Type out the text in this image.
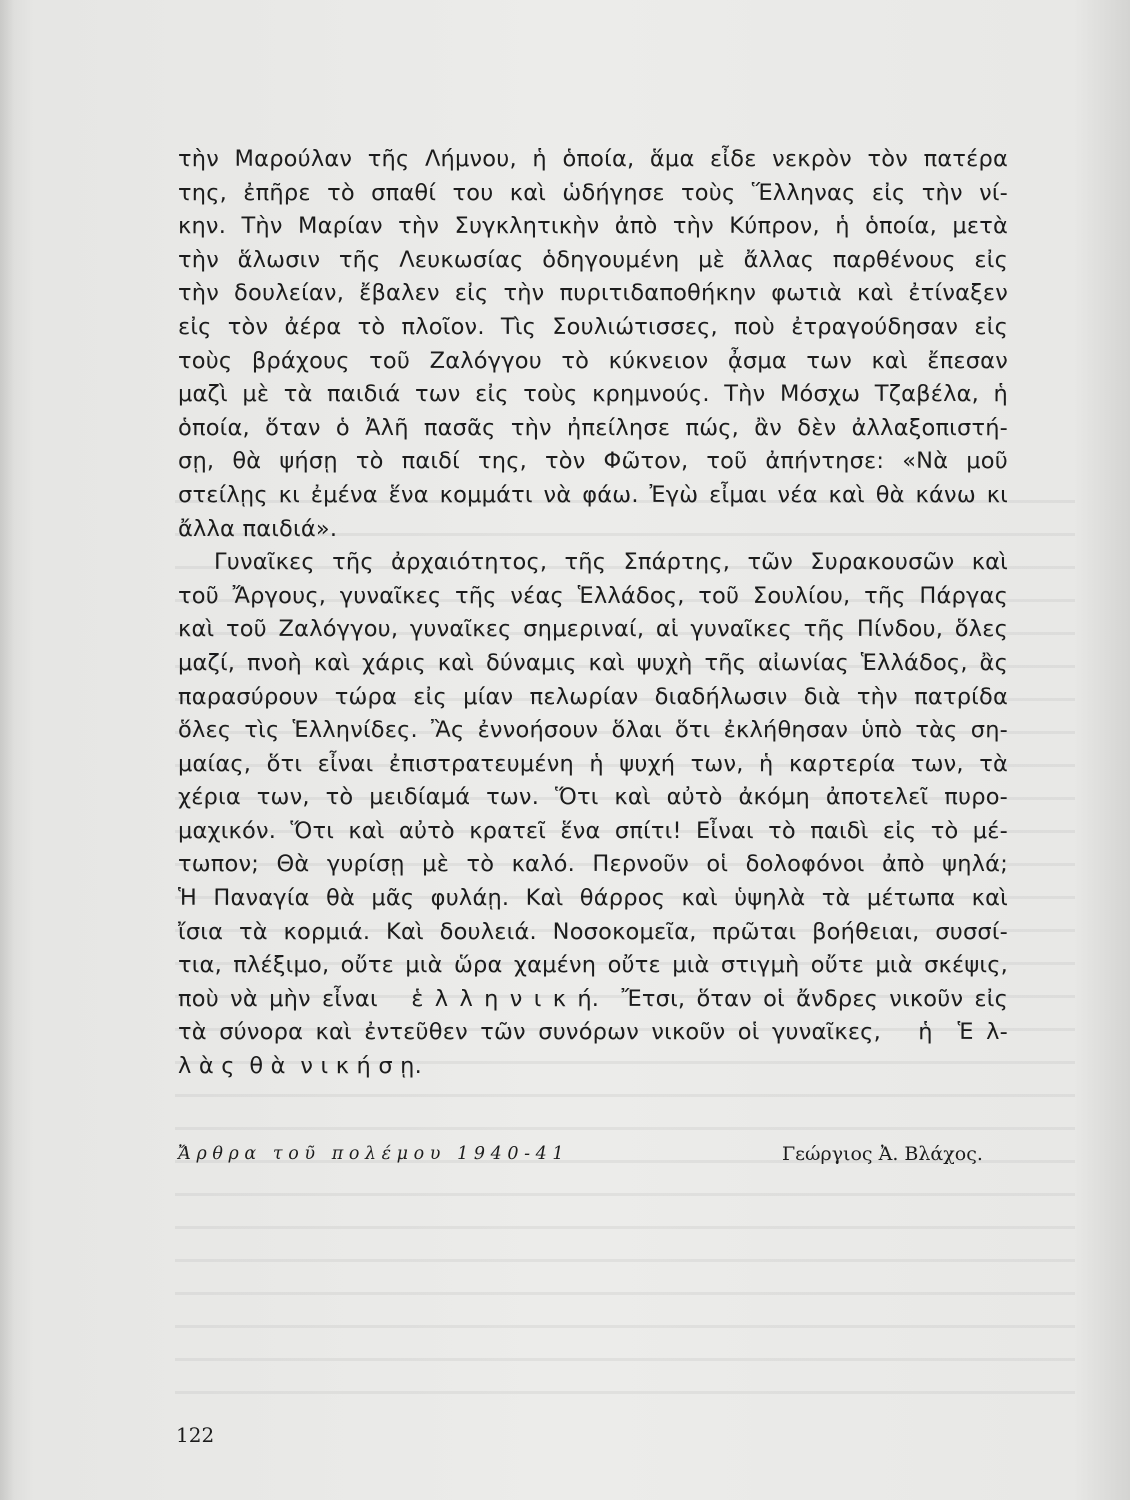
τὴν Μαρούλαν τῆς Λήμνου, ἡ ὁποία, ἅμα εἶδε νεκρὸν τὸν πατέρα
της, ἐπῆρε τὸ σπαθί του καὶ ὡδήγησε τοὺς Ἕλληνας εἰς τὴν νί-
κην. Τὴν Μαρίαν τὴν Συγκλητικὴν ἀπὸ τὴν Κύπρον, ἡ ὁποία, μετὰ
τὴν ἅλωσιν τῆς Λευκωσίας ὁδηγουμένη μὲ ἄλλας παρθένους εἰς
τὴν δουλείαν, ἔβαλεν εἰς τὴν πυριτιδαποθήκην φωτιὰ καὶ ἐτίναξεν
εἰς τὸν ἀέρα τὸ πλοῖον. Τὶς Σουλιώτισσες, ποὺ ἐτραγούδησαν εἰς
τοὺς βράχους τοῦ Ζαλόγγου τὸ κύκνειον ᾆσμα των καὶ ἔπεσαν
μαζὶ μὲ τὰ παιδιά των εἰς τοὺς κρημνούς. Τὴν Μόσχω Τζαβέλα, ἡ
ὁποία, ὅταν ὁ Ἀλῆ πασᾶς τὴν ἠπείλησε πώς, ἂν δὲν ἀλλαξοπιστή-
σῃ, θὰ ψήσῃ τὸ παιδί της, τὸν Φῶτον, τοῦ ἀπήντησε: «Νὰ μοῦ
στείλῃς κι ἐμένα ἕνα κομμάτι νὰ φάω. Ἐγὼ εἶμαι νέα καὶ θὰ κάνω κι
ἄλλα παιδιά».
Γυναῖκες τῆς ἀρχαιότητος, τῆς Σπάρτης, τῶν Συρακουσῶν καὶ
τοῦ Ἄργους, γυναῖκες τῆς νέας Ἑλλάδος, τοῦ Σουλίου, τῆς Πάργας
καὶ τοῦ Ζαλόγγου, γυναῖκες σημεριναί, αἱ γυναῖκες τῆς Πίνδου, ὅλες
μαζί, πνοὴ καὶ χάρις καὶ δύναμις καὶ ψυχὴ τῆς αἰωνίας Ἑλλάδος, ἂς
παρασύρουν τώρα εἰς μίαν πελωρίαν διαδήλωσιν διὰ τὴν πατρίδα
ὅλες τὶς Ἑλληνίδες. Ἂς ἐννοήσουν ὅλαι ὅτι ἐκλήθησαν ὑπὸ τὰς ση-
μαίας, ὅτι εἶναι ἐπιστρατευμένη ἡ ψυχή των, ἡ καρτερία των, τὰ
χέρια των, τὸ μειδίαμά των. Ὅτι καὶ αὐτὸ ἀκόμη ἀποτελεῖ πυρο-
μαχικόν. Ὅτι καὶ αὐτὸ κρατεῖ ἕνα σπίτι! Εἶναι τὸ παιδὶ εἰς τὸ μέ-
τωπον; Θὰ γυρίσῃ μὲ τὸ καλό. Περνοῦν οἱ δολοφόνοι ἀπὸ ψηλά;
Ἡ Παναγία θὰ μᾶς φυλάῃ. Καὶ θάρρος καὶ ὑψηλὰ τὰ μέτωπα καὶ
ἴσια τὰ κορμιά. Καὶ δουλειά. Νοσοκομεῖα, πρῶται βοήθειαι, συσσί-
τια, πλέξιμο, οὔτε μιὰ ὥρα χαμένη οὔτε μιὰ στιγμὴ οὔτε μιὰ σκέψις,
ποὺ νὰ μὴν εἶναι   ἑ λ λ η ν ι κ ή.  Ἔτσι, ὅταν οἱ ἄνδρες νικοῦν εἰς
τὰ σύνορα καὶ ἐντεῦθεν τῶν συνόρων νικοῦν οἱ γυναῖκες,   ἡ  Ἑ λ-
λ ὰ ς  θ ὰ  ν ι κ ή σ ῃ.
Ἄρθρα τοῦ πολέμου 1940-41	Γεώργιος Ἀ. Βλάχος.
122
